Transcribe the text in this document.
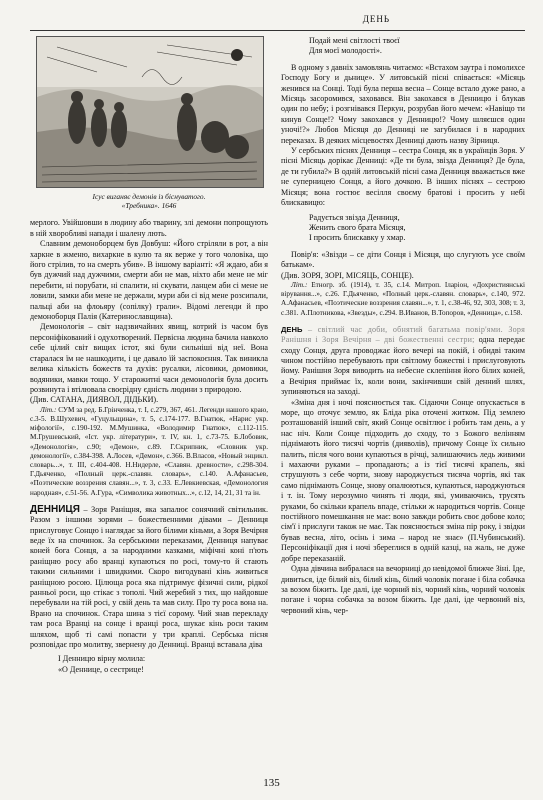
ДЕНЬ
Ісус виганяє демонів із біснуватого.
«Требника». 1646

мерлого. Увійшовши в людину або тварину, злі демони попрощують в ній хворобливі напади і шалену лють.

Славним демоноборцем був Довбуш: «Його стріляли в рот, а він харкне в жменю, вихаркне в кулю та як верже у того чоловіка, що його стрілив, то на смерть убив». В іншому варіанті: «Я ждаю, аби я був дужчий над дужчими, смерти аби не мав, ніхто аби мене не міг перебити, ні порубати, ні спалити, ні скувати, ланцем аби сі мене не ловили, замки аби мене не держали, мури аби сі від мене розсипали, пальці аби на флоьяру (сопілку) грали». Відомі легенди й про демоноборця Палія (Катериноcлавщина).

Демонологія – світ надзвичайних явищ, котрий із часом був персоніфікований і одухотворений. Первісна людина бачила навколо себе цілий світ вищих істот, які були сильніші від неї. Вона старалася їм не нашкодити, і це давало їй заспокоєння. Так виникла велика кількість божеств та духів: русалки, лісовики, домовики, водяники, мавки тощо. У старожитні часи демонологія була досить розвинута і втілювала своєрідну єдність людини з природою.

(Див. САТАНА, ДИЯВОЛ, ДІДЬКИ).

Літ.: СУМ за ред. Б.Грінченка, т. І, с.279, 367, 461. Легенди нашого краю, с.3-5. В.Шухевич, «Гуцульщина», т. 5, с.174-177. В.Гнатюк, «Нарис укр. міфології», с.190-192. М.Мушинка, «Володимир Гнатюк», с.112-115. М.Грушевський, «Іст. укр. літератури», т. IV, кн. 1, с.73-75. Б.Лобовик, «Демонологія», с.90; «Демон», с.89. Г.Скрипник, «Словник укр. демонології», с.384-398. А.Лосев, «Демон», с.366. В.Власов, «Новый энцикл. словарь...», т. III, с.404-408. Н.Нидерле, «Славян. древности», с.298-304. Г.Дьяченко, «Полный церк.-славян. словарь», с.140. А.Афанасьев, «Поэтические воззрения славян...», т. 3, с.33. Е.Левкиевская, «Демонология народная», с.51-56. А.Гура, «Символика животных...», с.12, 14, 21, 31 та ін.

ДЕННИЦЯ – Зоря Раніщня, яка запалює сонячний світильник. Разом з іншими зорями – божественними дівами – Денниця прислуговує Сонцю і наглядає за його білими кіньми, а Зоря Вечірня веде їх на спочинок. За сербськими переказами, Денниця напуває коней бога Сонця, а за народними казками, міфічні коні п'ють раніщню росу або вранці купаються по росі, тому-то й стають такими сильними і швидкими. Скоро вигодувані кінь живиться раніщною росою. Цілюща роса яка підтримує фізичні сили, рідкої ранньої роси, що стікає з тополі. Чий жеребий з тих, що найдовше перебували на тій росі, у свій день та мав силу. Про ту роса вона на. Врано на спочинок. Стара шина з тієї сорому. Чий знав перекладу там роса Вранці на сонце і вранці роса, шукає кінь роси таким шляхом, щоб ті самі попасти у три краплі. Сербська пісня розповідає про молитву, звернену до Денниці. Вранці вставала діва

І Денницю вірну молила:
«О Деннице, о сестрице!
Подай мені світлості твоєї
Для моєї молодості».

В одному з давніх замовлянь читаємо: «Встахом заутра і помолихсе Господу Богу и дьнице». У литовській пісні співається: «Місяць женився на Сонці. Тоді була перша весна – Сонце встало дуже рано, а Місяць засоромився, заховався. Він закохався в Денницю і блукав один по небу; і розгнівався Перкун, розрубав його мечем: «Навіщо ти кинув Сонце!? Чому закохався у Денницю!? Чому шляєшся один уночі!?» Любов Місяця до Денниці не загубилася і в народних переказах. В деяких місцевостях Денниці дають назву Зірниця.

У сербських піснях Денниця – сестра Сонця, як в українців Зоря. У пісні Місяць дорікає Денниці: «Де ти була, звізда Денниця? Де була, де ти губила?» В одній литовській пісні сама Денниця вважається вже не суперницею Сонця, а його дочкою. В інших піснях – сестрою Місяця; вона гостює весілля своєму братові і просить у небі блискавицю:

Радується звізда Денниця,
Женить свого брата Місяця,
І просить блискавку у хмар.

Повір'я: «Звізди – се діти Сонця і Місяця, що слугують усе своїм батькам».

(Див. ЗОРЯ, ЗОРІ, МІСЯЦЬ, СОНЦЕ).

Літ.: Етногр. зб. (1914), т. 35, с.14. Митроп. Іларіон, «Дохристиянські вірування...», с.26. Г.Дьяченко, «Полный церк.-славян. словарь», с.140, 972. А.Афанасьев, «Поэтические воззрения славян...», т. 1, с.38-46, 92, 303, 308; т. 3, с.381. А.Плотникова, «Звезды», с.294. В.Иванов, В.Топоров, «Денница», с.158.

ДЕНЬ – світлий час доби, обнятий багатьма повір'ями. Зоря Ранішня і Зоря Вечірня – дві божественні сестри; одна передає сходу Сонця, друга проводжає його вечері на покій, і обидві таким чином постійно перебувають при світлому божестві і прислуговують йому. Ранішня Зоря виводить на небесне склепіння його білих коней, а Вечірня приймає їх, коли вони, закінчивши свій денний шлях, зупиняються на заході.

«Зміна дня і ночі пояснюється так. Сідаючи Сонце опускається в море, що оточує землю, як Бліда ріка оточені житком. Під землею розташованій інший світ, який Сонце освітлює і робить там день, а у нас ніч. Коли Сонце підходить до сходу, то з Божого велінням піднімають його тисячі чортів (дияволів), причому Сонце їх сильно палить, після чого вони купаються в річці, залишаючись ледь живими і махаючи руками – пропадають; а із тієї тисячі крапель, які струшують з себе чорти, знову народжується тисяча чортів, які так само піднімають Сонце, знову опалюються, купаються, народжуються і т. ін. Тому нерозумно чинять ті люди, які, умиваючись, трусять руками, бо скільки крапель впаде, стільки ж народиться чортів. Сонце постійного помешкання не має: воно завжди робить своє добове коло; сім'ї і прислуги також не має. Так пояснюється зміна пір року, і звідки бував весна, літо, осінь і зима – народ не знає» (П.Чубинський). Персоніфікації дня і ночі збереглися в одній казці, на жаль, не дуже добре переказаній.

Одна дівчина вибралася на вечорниці до невідомої ближче Зіні. Іде, дивиться, іде білий віз, білий кінь, білий чоловік погане і біла собачка за возом біжить. Іде далі, іде чорний віз, чорний кінь, чорний чоловік погане і чорна собачка за возом біжить. Іде далі, іде червоний віз, червоний кінь, чер-

135
